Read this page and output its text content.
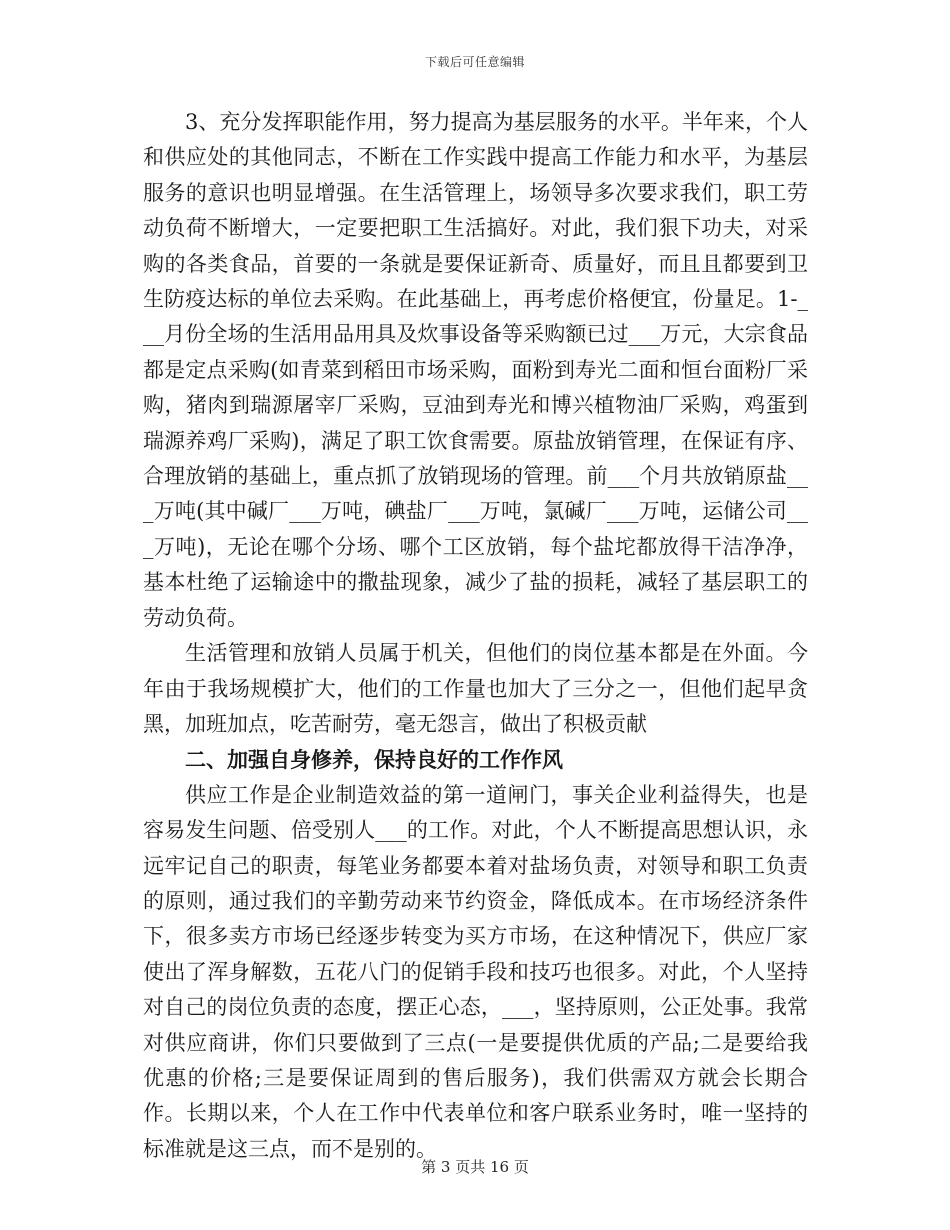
下载后可任意编辑

3、充分发挥职能作用，努力提高为基层服务的水平。半年来，个人和供应处的其他同志，不断在工作实践中提高工作能力和水平，为基层服务的意识也明显增强。在生活管理上，场领导多次要求我们，职工劳动负荷不断增大，一定要把职工生活搞好。对此，我们狠下功夫，对采购的各类食品，首要的一条就是要保证新奇、质量好，而且且都要到卫生防疫达标的单位去采购。在此基础上，再考虑价格便宜，份量足。1-___月份全场的生活用品用具及炊事设备等采购额已过___万元，大宗食品都是定点采购(如青菜到稻田市场采购，面粉到寿光二面和恒台面粉厂采购，猪肉到瑞源屠宰厂采购，豆油到寿光和博兴植物油厂采购，鸡蛋到瑞源养鸡厂采购)，满足了职工饮食需要。原盐放销管理，在保证有序、合理放销的基础上，重点抓了放销现场的管理。前___个月共放销原盐___万吨(其中碱厂___万吨，碘盐厂___万吨，氯碱厂___万吨，运储公司___万吨)，无论在哪个分场、哪个工区放销，每个盐坨都放得干洁净净，基本杜绝了运输途中的撒盐现象，减少了盐的损耗，减轻了基层职工的劳动负荷。

生活管理和放销人员属于机关，但他们的岗位基本都是在外面。今年由于我场规模扩大，他们的工作量也加大了三分之一，但他们起早贪黑，加班加点，吃苦耐劳，毫无怨言，做出了积极贡献

二、加强自身修养，保持良好的工作作风

供应工作是企业制造效益的第一道闸门，事关企业利益得失，也是容易发生问题、倍受别人___的工作。对此，个人不断提高思想认识，永远牢记自己的职责，每笔业务都要本着对盐场负责，对领导和职工负责的原则，通过我们的辛勤劳动来节约资金，降低成本。在市场经济条件下，很多卖方市场已经逐步转变为买方市场，在这种情况下，供应厂家使出了浑身解数，五花八门的促销手段和技巧也很多。对此，个人坚持对自己的岗位负责的态度，摆正心态，___，坚持原则，公正处事。我常对供应商讲，你们只要做到了三点(一是要提供优质的产品;二是要给我优惠的价格;三是要保证周到的售后服务)，我们供需双方就会长期合作。长期以来，个人在工作中代表单位和客户联系业务时，唯一坚持的标准就是这三点，而不是别的。

第 3 页共 16 页
